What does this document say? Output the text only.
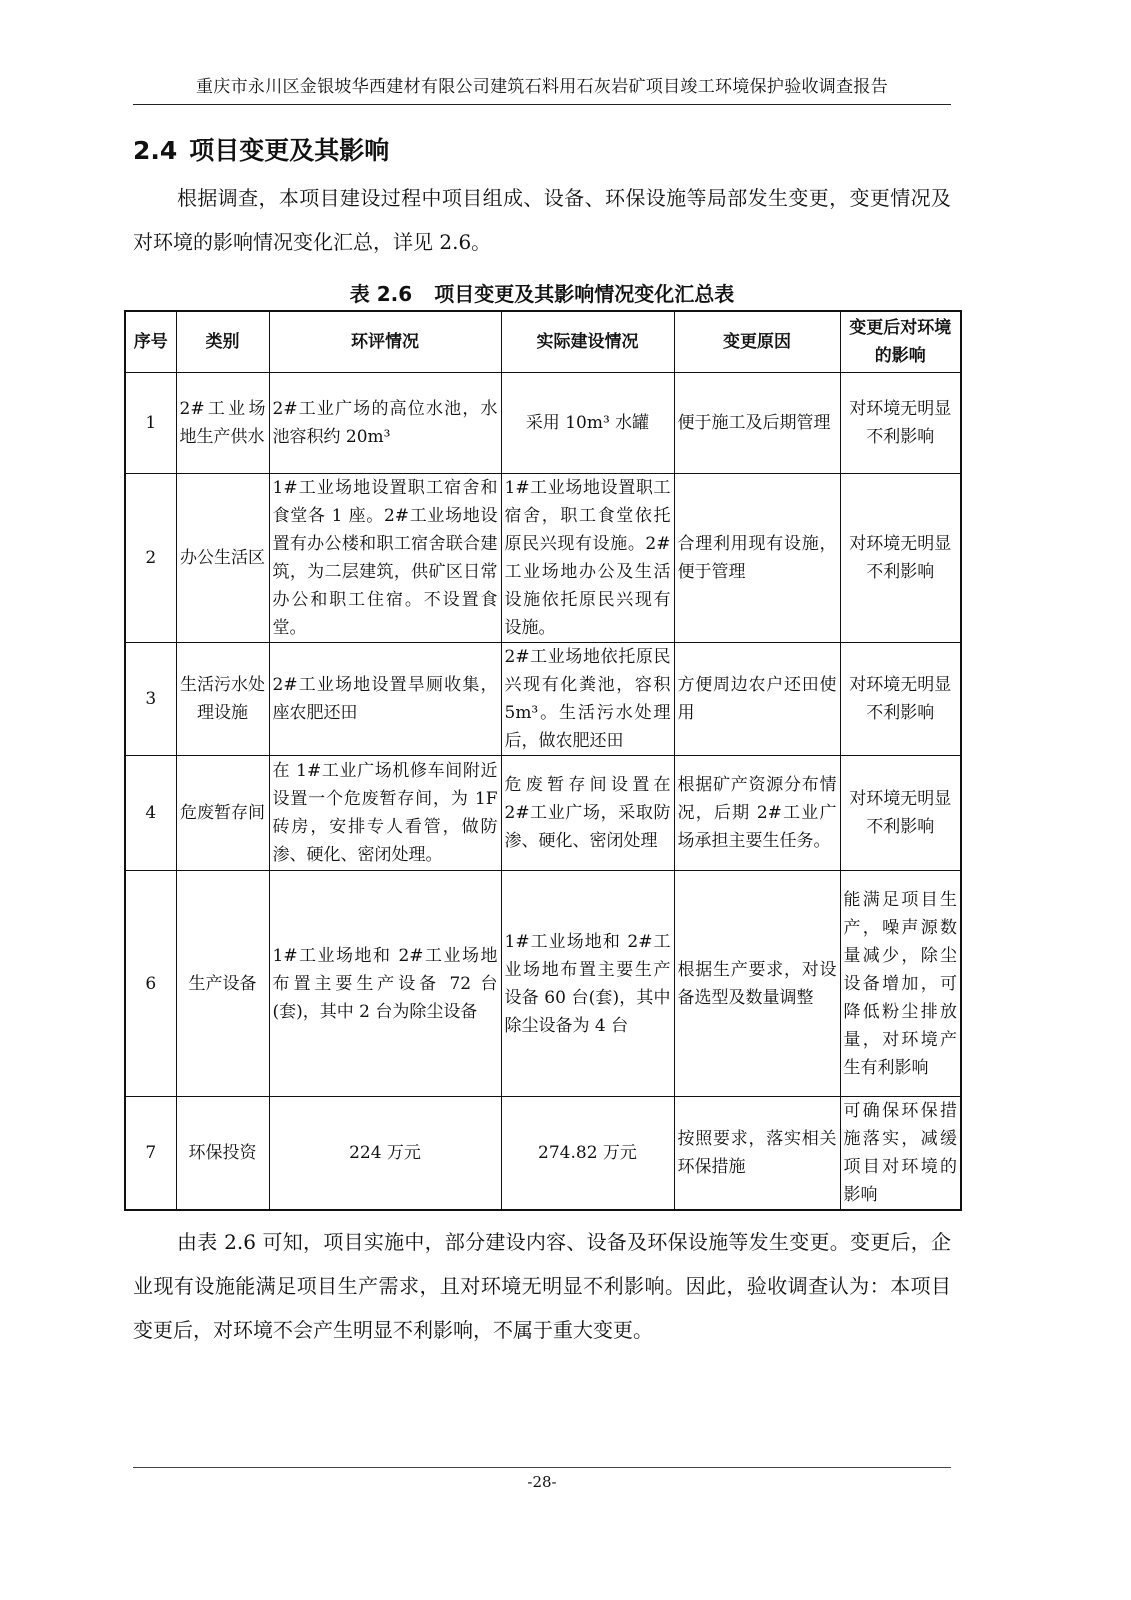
重庆市永川区金银坡华西建材有限公司建筑石料用石灰岩矿项目竣工环境保护验收调查报告
2.4 项目变更及其影响

根据调查，本项目建设过程中项目组成、设备、环保设施等局部发生变更，变更情况及对环境的影响情况变化汇总，详见 2.6。

表 2.6 项目变更及其影响情况变化汇总表
序号	类别	环评情况	实际建设情况	变更原因	变更后对环境的影响
1	2#工业场地生产供水	2#工业广场的高位水池，水池容积约 20m³	采用 10m³ 水罐	便于施工及后期管理	对环境无明显不利影响
2	办公生活区	1#工业场地设置职工宿舍和食堂各 1 座。2#工业场地设置有办公楼和职工宿舍联合建筑，为二层建筑，供矿区日常办公和职工住宿。不设置食堂。	1#工业场地设置职工宿舍，职工食堂依托原民兴现有设施。2#工业场地办公及生活设施依托原民兴现有设施。	合理利用现有设施，便于管理	对环境无明显不利影响
3	生活污水处理设施	2#工业场地设置旱厕收集，座农肥还田	2#工业场地依托原民兴现有化粪池，容积 5m³。生活污水处理后，做农肥还田	方便周边农户还田使用	对环境无明显不利影响
4	危废暂存间	在 1#工业广场机修车间附近设置一个危废暂存间，为 1F 砖房，安排专人看管，做防渗、硬化、密闭处理。	危废暂存间设置在 2#工业广场，采取防渗、硬化、密闭处理	根据矿产资源分布情况，后期 2#工业广场承担主要生任务。	对环境无明显不利影响
6	生产设备	1#工业场地和 2#工业场地布置主要生产设备 72 台(套)，其中 2 台为除尘设备	1#工业场地和 2#工业场地布置主要生产设备 60 台(套)，其中除尘设备为 4 台	根据生产要求，对设备选型及数量调整	能满足项目生产，噪声源数量减少，除尘设备增加，可降低粉尘排放量，对环境产生有利影响
7	环保投资	224 万元	274.82 万元	按照要求，落实相关环保措施	可确保环保措施落实，减缓项目对环境的影响

由表 2.6 可知，项目实施中，部分建设内容、设备及环保设施等发生变更。变更后，企业现有设施能满足项目生产需求，且对环境无明显不利影响。因此，验收调查认为：本项目变更后，对环境不会产生明显不利影响，不属于重大变更。

-28-
